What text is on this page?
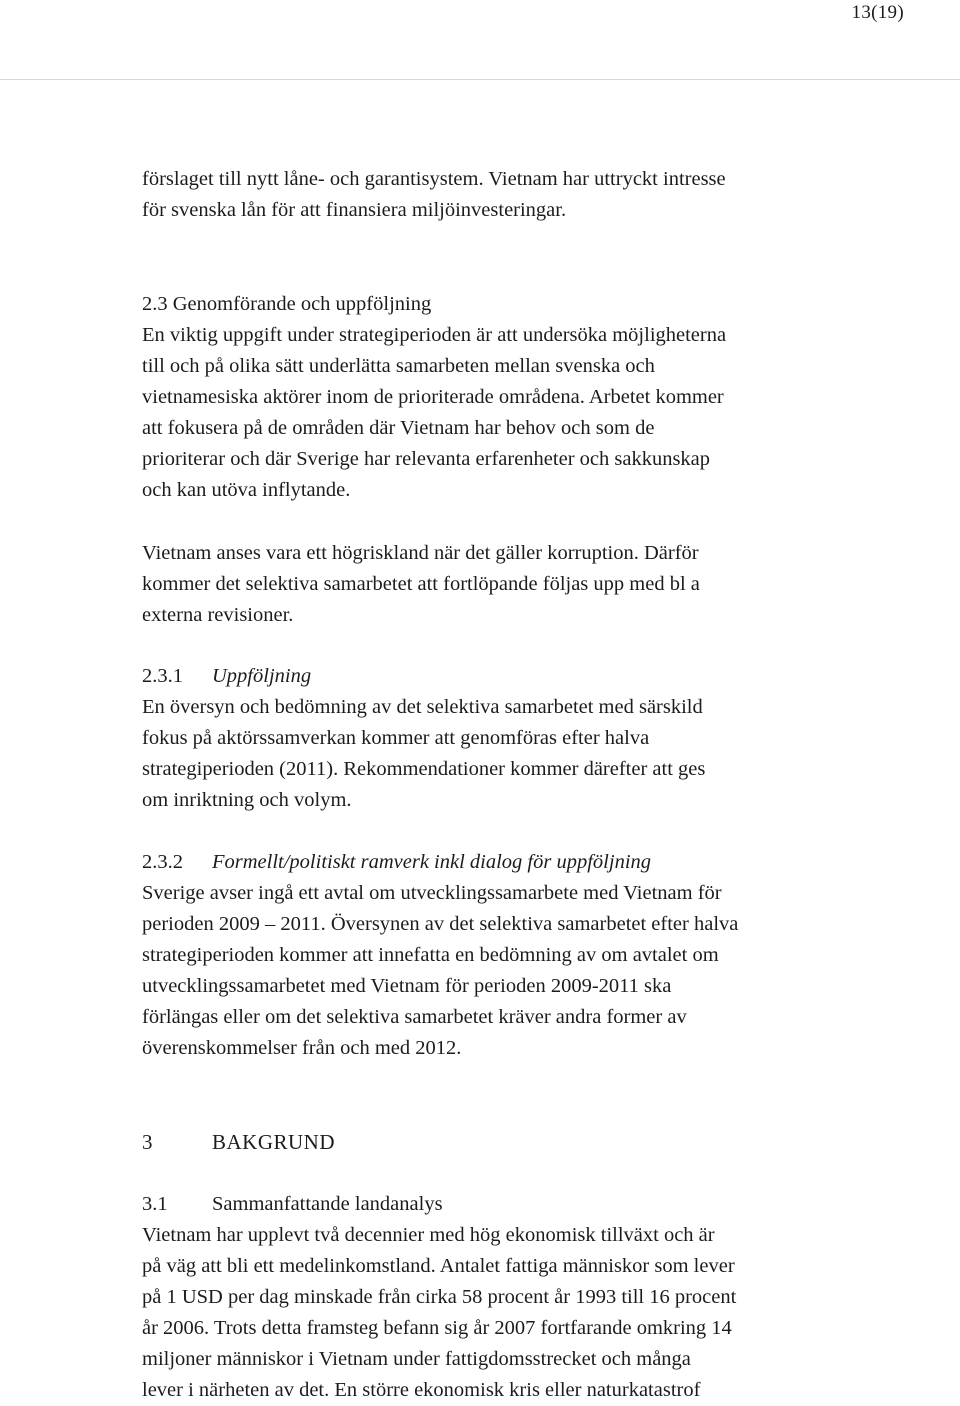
13(19)

förslaget till nytt låne- och garantisystem. Vietnam har uttryckt intresse
för svenska lån för att finansiera miljöinvesteringar.

2.3 Genomförande och uppföljning
En viktig uppgift under strategiperioden är att undersöka möjligheterna
till och på olika sätt underlätta samarbeten mellan svenska och
vietnamesiska aktörer inom de prioriterade områdena. Arbetet kommer
att fokusera på de områden där Vietnam har behov och som de
prioriterar och där Sverige har relevanta erfarenheter och sakkunskap
och kan utöva inflytande.

Vietnam anses vara ett högriskland när det gäller korruption. Därför
kommer det selektiva samarbetet att fortlöpande följas upp med bl a
externa revisioner.

2.3.1 Uppföljning
En översyn och bedömning av det selektiva samarbetet med särskild
fokus på aktörssamverkan kommer att genomföras efter halva
strategiperioden (2011). Rekommendationer kommer därefter att ges
om inriktning och volym.

2.3.2 Formellt/politiskt ramverk inkl dialog för uppföljning
Sverige avser ingå ett avtal om utvecklingssamarbete med Vietnam för
perioden 2009 – 2011. Översynen av det selektiva samarbetet efter halva
strategiperioden kommer att innefatta en bedömning av om avtalet om
utvecklingssamarbetet med Vietnam för perioden 2009-2011 ska
förlängas eller om det selektiva samarbetet kräver andra former av
överenskommelser från och med 2012.

3	BAKGRUND

3.1 Sammanfattande landanalys
Vietnam har upplevt två decennier med hög ekonomisk tillväxt och är
på väg att bli ett medelinkomstland. Antalet fattiga människor som lever
på 1 USD per dag minskade från cirka 58 procent år 1993 till 16 procent
år 2006. Trots detta framsteg befann sig år 2007 fortfarande omkring 14
miljoner människor i Vietnam under fattigdomsstrecket och många
lever i närheten av det. En större ekonomisk kris eller naturkatastrof
